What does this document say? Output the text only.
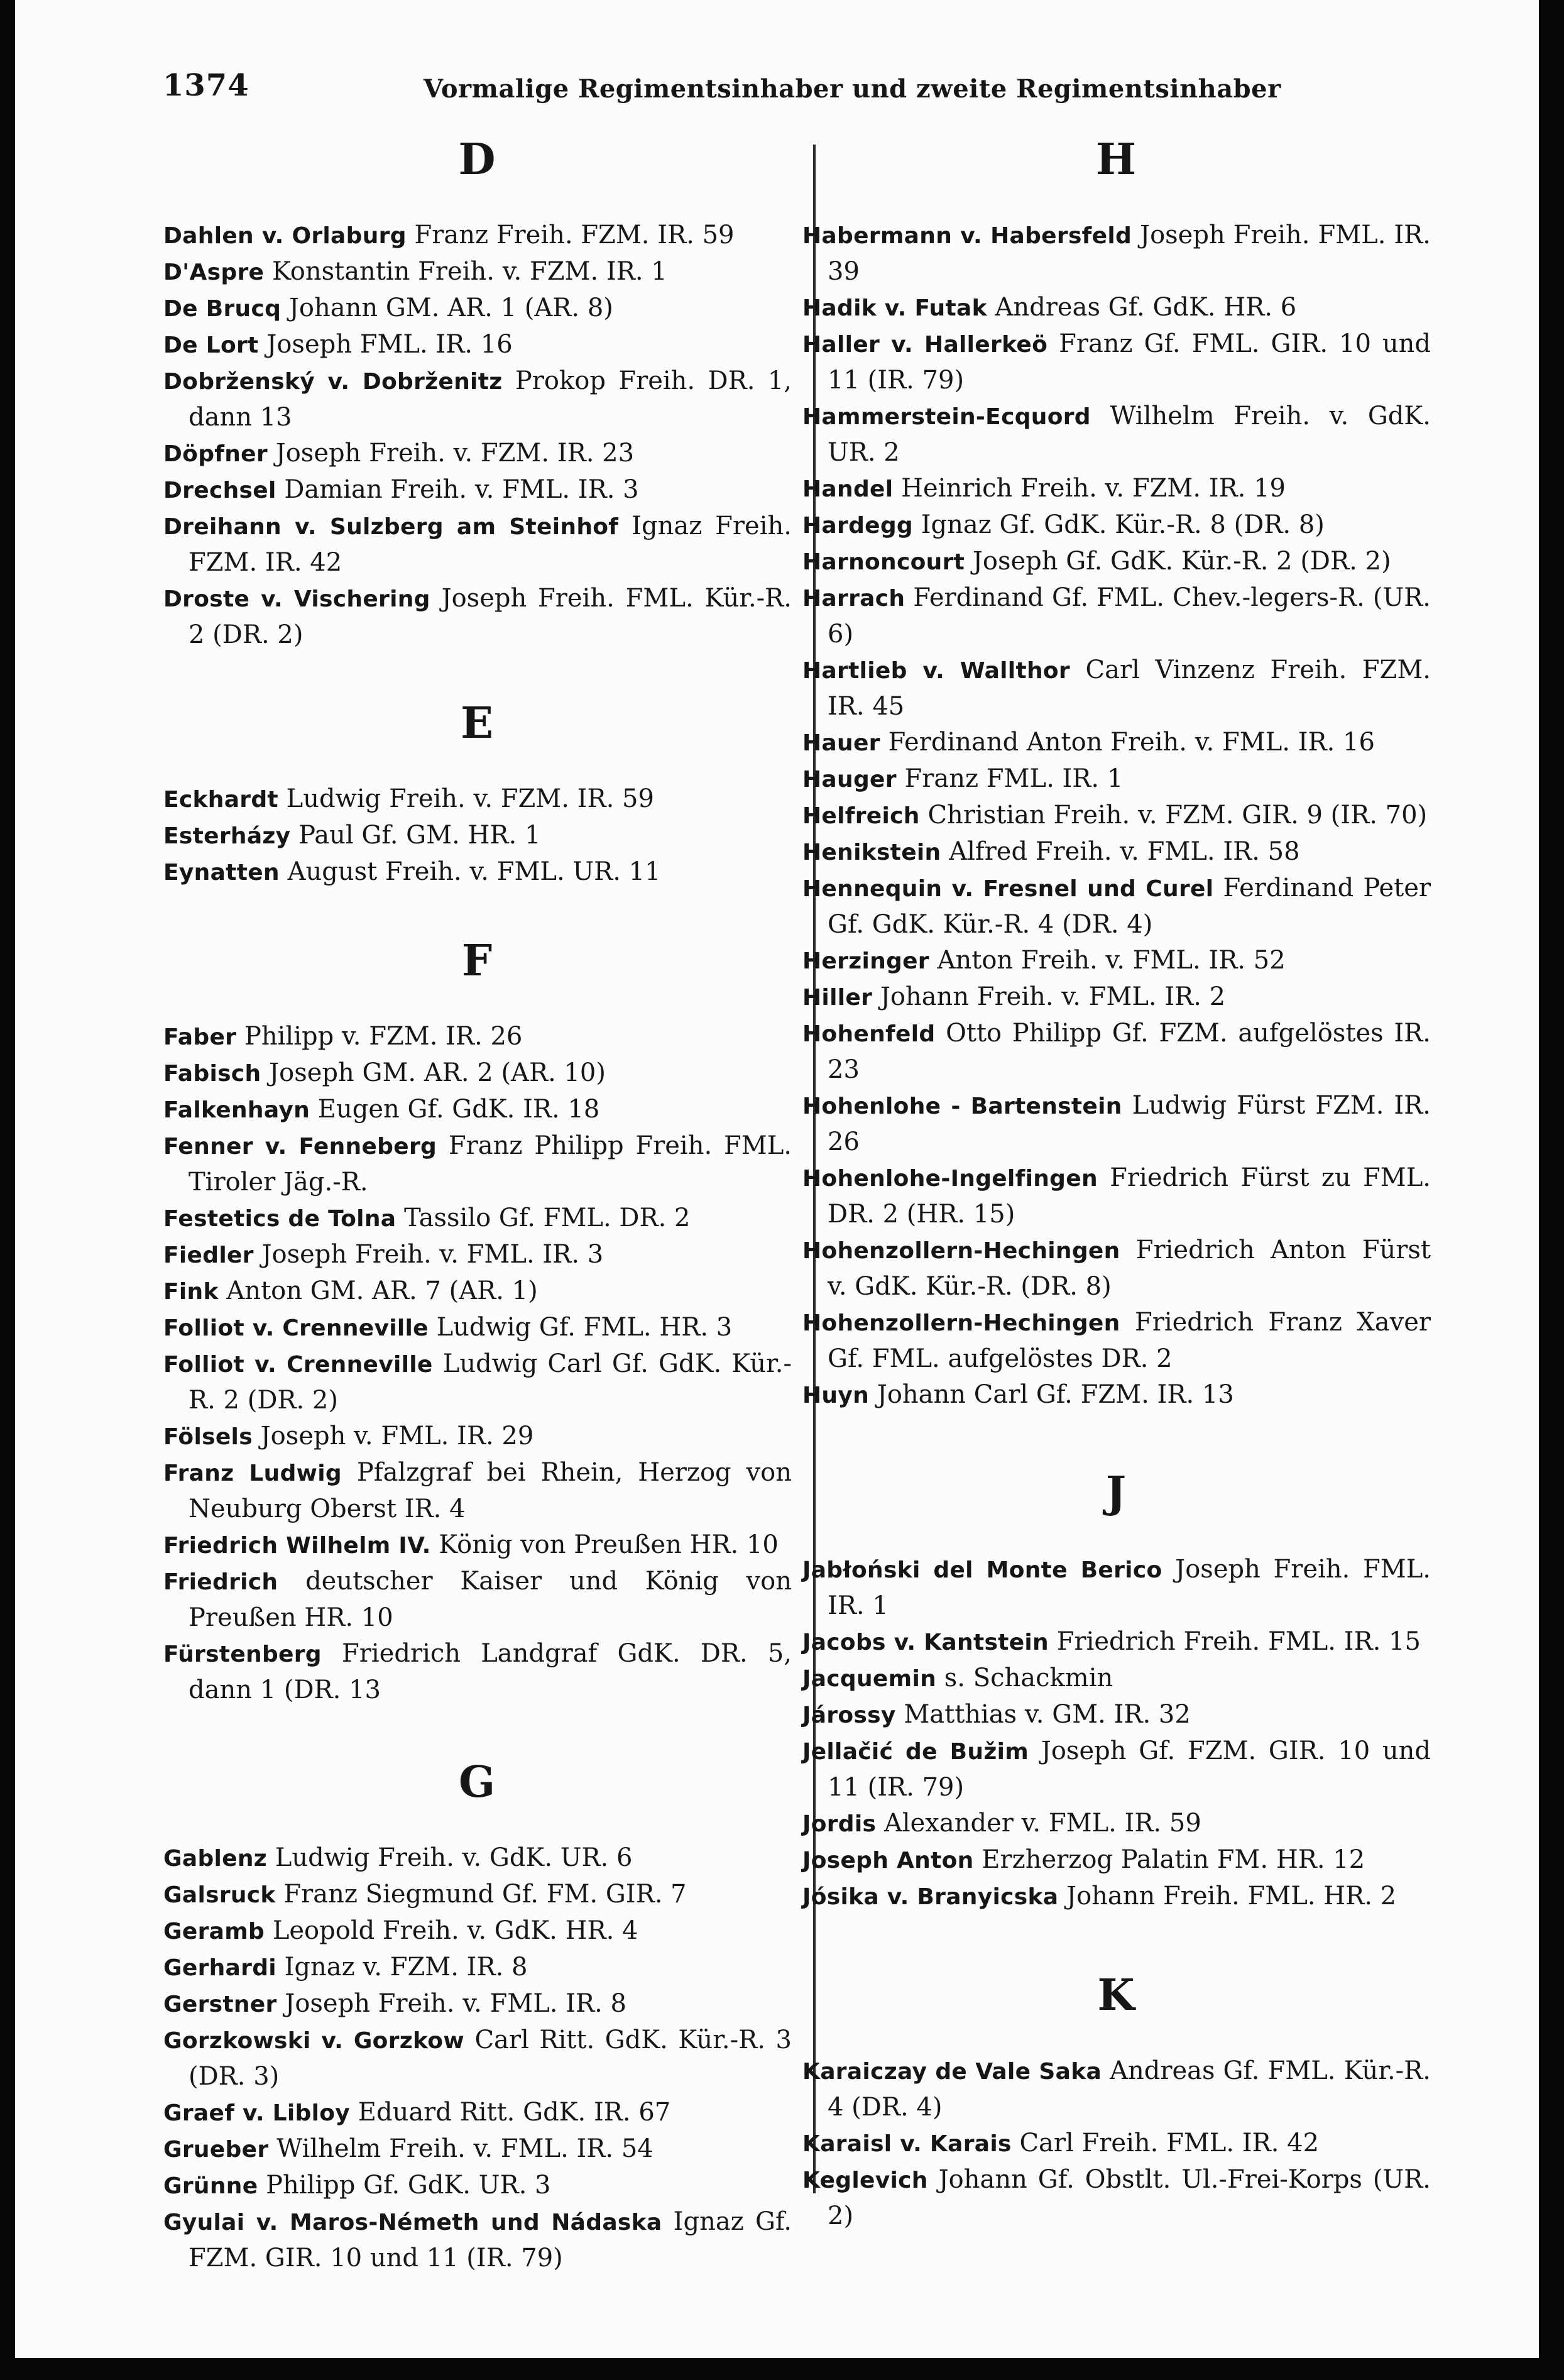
1374	Vormalige Regimentsinhaber und zweite Regimentsinhaber
D
Dahlen v. Orlaburg Franz Freih. FZM. IR. 59
D'Aspre Konstantin Freih. v. FZM. IR. 1
De Brucq Johann GM. AR. 1 (AR. 8)
De Lort Joseph FML. IR. 16
Dobrženský v. Dobrženitz Prokop Freih. DR. 1, dann 13
Döpfner Joseph Freih. v. FZM. IR. 23
Drechsel Damian Freih. v. FML. IR. 3
Dreihann v. Sulzberg am Steinhof Ignaz Freih. FZM. IR. 42
Droste v. Vischering Joseph Freih. FML. Kür.-R. 2 (DR. 2)
E
Eckhardt Ludwig Freih. v. FZM. IR. 59
Esterházy Paul Gf. GM. HR. 1
Eynatten August Freih. v. FML. UR. 11
F
Faber Philipp v. FZM. IR. 26
Fabisch Joseph GM. AR. 2 (AR. 10)
Falkenhayn Eugen Gf. GdK. IR. 18
Fenner v. Fenneberg Franz Philipp Freih. FML. Tiroler Jäg.-R.
Festetics de Tolna Tassilo Gf. FML. DR. 2
Fiedler Joseph Freih. v. FML. IR. 3
Fink Anton GM. AR. 7 (AR. 1)
Folliot v. Crenneville Ludwig Gf. FML. HR. 3
Folliot v. Crenneville Ludwig Carl Gf. GdK. Kür.-R. 2 (DR. 2)
Fölsels Joseph v. FML. IR. 29
Franz Ludwig Pfalzgraf bei Rhein, Herzog von Neuburg Oberst IR. 4
Friedrich Wilhelm IV. König von Preußen HR. 10
Friedrich deutscher Kaiser und König von Preußen HR. 10
Fürstenberg Friedrich Landgraf GdK. DR. 5, dann 1 (DR. 13
G
Gablenz Ludwig Freih. v. GdK. UR. 6
Galsruck Franz Siegmund Gf. FM. GIR. 7
Geramb Leopold Freih. v. GdK. HR. 4
Gerhardi Ignaz v. FZM. IR. 8
Gerstner Joseph Freih. v. FML. IR. 8
Gorzkowski v. Gorzkow Carl Ritt. GdK. Kür.-R. 3 (DR. 3)
Graef v. Libloy Eduard Ritt. GdK. IR. 67
Grueber Wilhelm Freih. v. FML. IR. 54
Grünne Philipp Gf. GdK. UR. 3
Gyulai v. Maros-Németh und Nádaska Ignaz Gf. FZM. GIR. 10 und 11 (IR. 79)
H
Habermann v. Habersfeld Joseph Freih. FML. IR. 39
Hadik v. Futak Andreas Gf. GdK. HR. 6
Haller v. Hallerkeö Franz Gf. FML. GIR. 10 und 11 (IR. 79)
Hammerstein-Ecquord Wilhelm Freih. v. GdK. UR. 2
Handel Heinrich Freih. v. FZM. IR. 19
Hardegg Ignaz Gf. GdK. Kür.-R. 8 (DR. 8)
Harnoncourt Joseph Gf. GdK. Kür.-R. 2 (DR. 2)
Harrach Ferdinand Gf. FML. Chev.-legers-R. (UR. 6)
Hartlieb v. Wallthor Carl Vinzenz Freih. FZM. IR. 45
Hauer Ferdinand Anton Freih. v. FML. IR. 16
Hauger Franz FML. IR. 1
Helfreich Christian Freih. v. FZM. GIR. 9 (IR. 70)
Henikstein Alfred Freih. v. FML. IR. 58
Hennequin v. Fresnel und Curel Ferdinand Peter Gf. GdK. Kür.-R. 4 (DR. 4)
Herzinger Anton Freih. v. FML. IR. 52
Hiller Johann Freih. v. FML. IR. 2
Hohenfeld Otto Philipp Gf. FZM. aufgelöstes IR. 23
Hohenlohe - Bartenstein Ludwig Fürst FZM. IR. 26
Hohenlohe-Ingelfingen Friedrich Fürst zu FML. DR. 2 (HR. 15)
Hohenzollern-Hechingen Friedrich Anton Fürst v. GdK. Kür.-R. (DR. 8)
Hohenzollern-Hechingen Friedrich Franz Xaver Gf. FML. aufgelöstes DR. 2
Huyn Johann Carl Gf. FZM. IR. 13
J
Jabłoński del Monte Berico Joseph Freih. FML. IR. 1
Jacobs v. Kantstein Friedrich Freih. FML. IR. 15
Jacquemin s. Schackmin
Járossy Matthias v. GM. IR. 32
Jellačić de Bužim Joseph Gf. FZM. GIR. 10 und 11 (IR. 79)
Jordis Alexander v. FML. IR. 59
Joseph Anton Erzherzog Palatin FM. HR. 12
Jósika v. Branyicska Johann Freih. FML. HR. 2
K
Karaiczay de Vale Saka Andreas Gf. FML. Kür.-R. 4 (DR. 4)
Karaisl v. Karais Carl Freih. FML. IR. 42
Keglevich Johann Gf. Obstlt. Ul.-Frei-Korps (UR. 2)
